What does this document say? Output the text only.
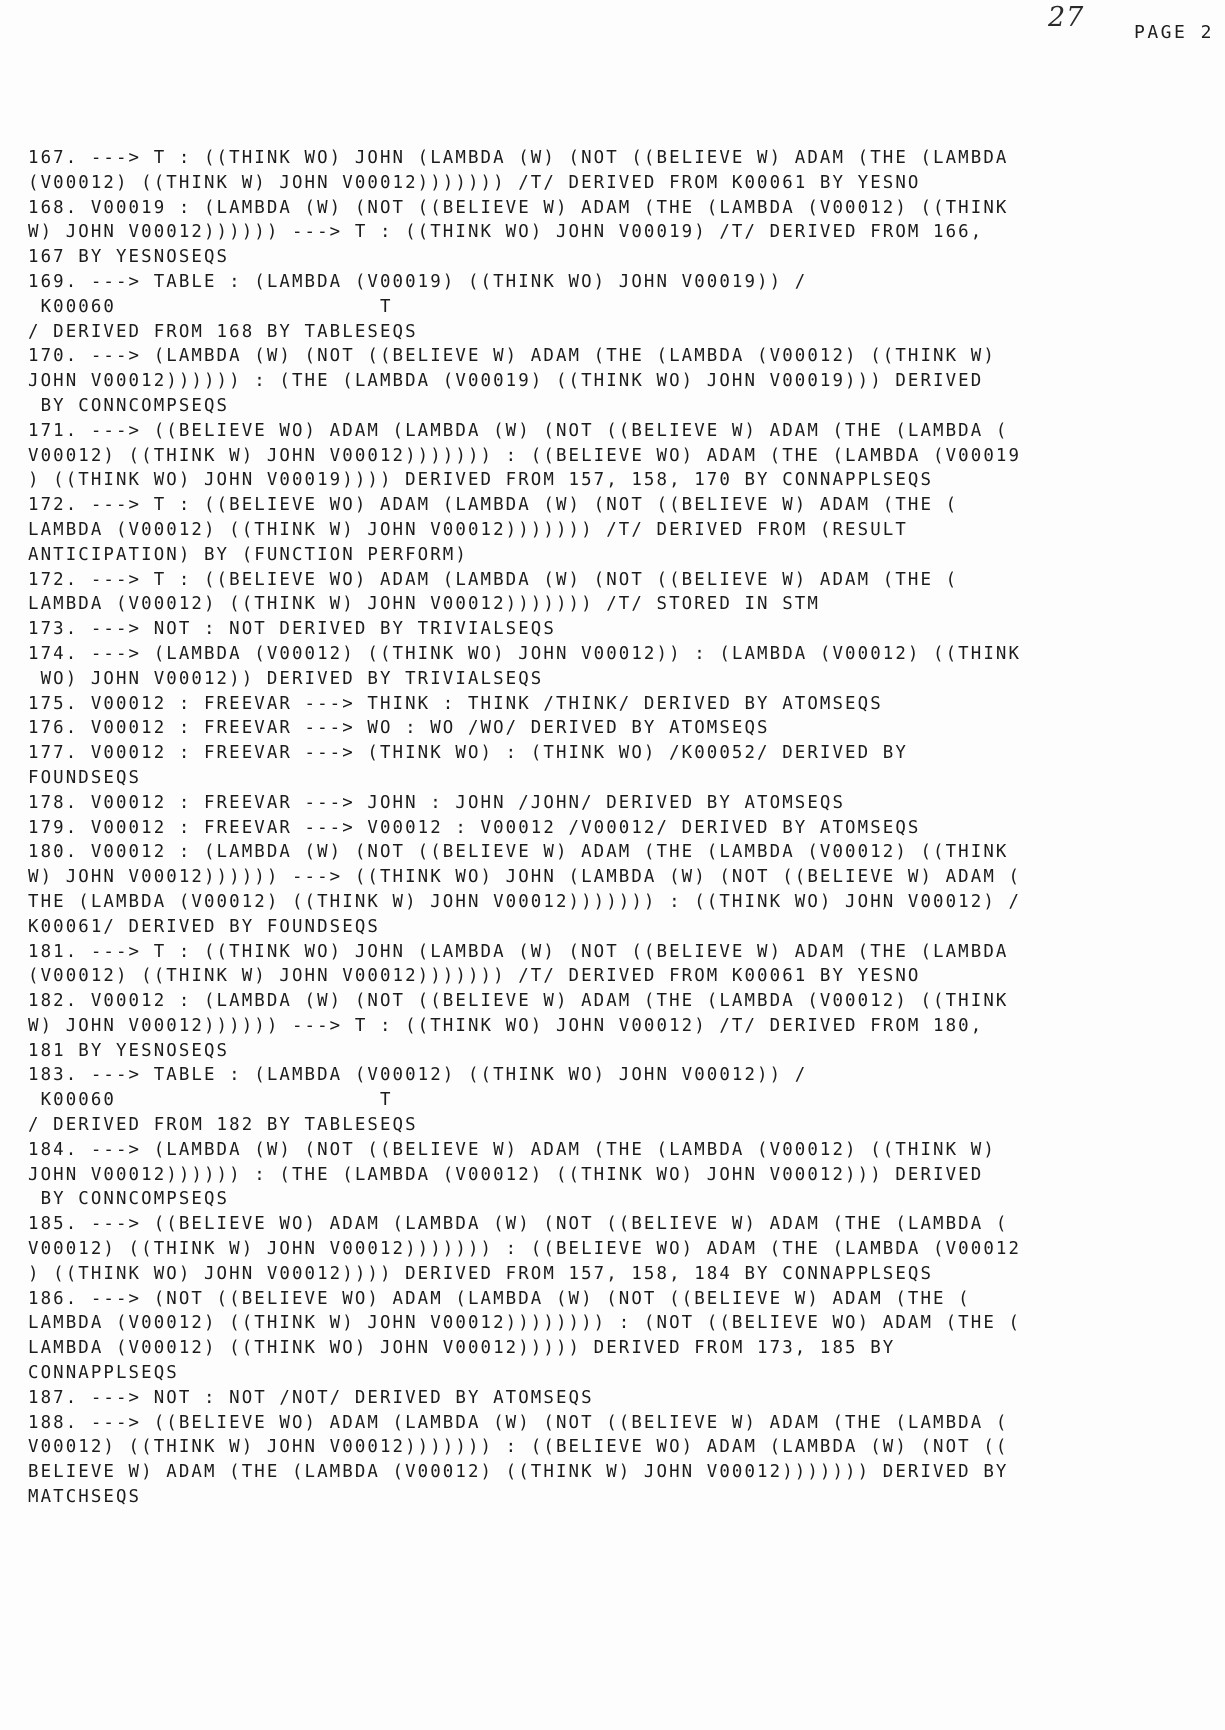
27	PAGE 2
167. ---> T : ((THINK WO) JOHN (LAMBDA (W) (NOT ((BELIEVE W) ADAM (THE (LAMBDA
(V00012) ((THINK W) JOHN V00012))))))) /T/ DERIVED FROM K00061 BY YESNO
168. V00019 : (LAMBDA (W) (NOT ((BELIEVE W) ADAM (THE (LAMBDA (V00012) ((THINK
W) JOHN V00012)))))) ---> T : ((THINK WO) JOHN V00019) /T/ DERIVED FROM 166,
167 BY YESNOSEQS
169. ---> TABLE : (LAMBDA (V00019) ((THINK WO) JOHN V00019)) /
K00060                     T
/ DERIVED FROM 168 BY TABLESEQS
170. ---> (LAMBDA (W) (NOT ((BELIEVE W) ADAM (THE (LAMBDA (V00012) ((THINK W)
JOHN V00012)))))) : (THE (LAMBDA (V00019) ((THINK WO) JOHN V00019))) DERIVED
BY CONNCOMPSEQS
171. ---> ((BELIEVE WO) ADAM (LAMBDA (W) (NOT ((BELIEVE W) ADAM (THE (LAMBDA (
V00012) ((THINK W) JOHN V00012))))))) : ((BELIEVE WO) ADAM (THE (LAMBDA (V00019
) ((THINK WO) JOHN V00019)))) DERIVED FROM 157, 158, 170 BY CONNAPPLSEQS
172. ---> T : ((BELIEVE WO) ADAM (LAMBDA (W) (NOT ((BELIEVE W) ADAM (THE (
LAMBDA (V00012) ((THINK W) JOHN V00012))))))) /T/ DERIVED FROM (RESULT
ANTICIPATION) BY (FUNCTION PERFORM)
172. ---> T : ((BELIEVE WO) ADAM (LAMBDA (W) (NOT ((BELIEVE W) ADAM (THE (
LAMBDA (V00012) ((THINK W) JOHN V00012))))))) /T/ STORED IN STM
173. ---> NOT : NOT DERIVED BY TRIVIALSEQS
174. ---> (LAMBDA (V00012) ((THINK WO) JOHN V00012)) : (LAMBDA (V00012) ((THINK
WO) JOHN V00012)) DERIVED BY TRIVIALSEQS
175. V00012 : FREEVAR ---> THINK : THINK /THINK/ DERIVED BY ATOMSEQS
176. V00012 : FREEVAR ---> WO : WO /WO/ DERIVED BY ATOMSEQS
177. V00012 : FREEVAR ---> (THINK WO) : (THINK WO) /K00052/ DERIVED BY
FOUNDSEQS
178. V00012 : FREEVAR ---> JOHN : JOHN /JOHN/ DERIVED BY ATOMSEQS
179. V00012 : FREEVAR ---> V00012 : V00012 /V00012/ DERIVED BY ATOMSEQS
180. V00012 : (LAMBDA (W) (NOT ((BELIEVE W) ADAM (THE (LAMBDA (V00012) ((THINK
W) JOHN V00012)))))) ---> ((THINK WO) JOHN (LAMBDA (W) (NOT ((BELIEVE W) ADAM (
THE (LAMBDA (V00012) ((THINK W) JOHN V00012))))))) : ((THINK WO) JOHN V00012) /
K00061/ DERIVED BY FOUNDSEQS
181. ---> T : ((THINK WO) JOHN (LAMBDA (W) (NOT ((BELIEVE W) ADAM (THE (LAMBDA
(V00012) ((THINK W) JOHN V00012))))))) /T/ DERIVED FROM K00061 BY YESNO
182. V00012 : (LAMBDA (W) (NOT ((BELIEVE W) ADAM (THE (LAMBDA (V00012) ((THINK
W) JOHN V00012)))))) ---> T : ((THINK WO) JOHN V00012) /T/ DERIVED FROM 180,
181 BY YESNOSEQS
183. ---> TABLE : (LAMBDA (V00012) ((THINK WO) JOHN V00012)) /
K00060                     T
/ DERIVED FROM 182 BY TABLESEQS
184. ---> (LAMBDA (W) (NOT ((BELIEVE W) ADAM (THE (LAMBDA (V00012) ((THINK W)
JOHN V00012)))))) : (THE (LAMBDA (V00012) ((THINK WO) JOHN V00012))) DERIVED
BY CONNCOMPSEQS
185. ---> ((BELIEVE WO) ADAM (LAMBDA (W) (NOT ((BELIEVE W) ADAM (THE (LAMBDA (
V00012) ((THINK W) JOHN V00012))))))) : ((BELIEVE WO) ADAM (THE (LAMBDA (V00012
) ((THINK WO) JOHN V00012)))) DERIVED FROM 157, 158, 184 BY CONNAPPLSEQS
186. ---> (NOT ((BELIEVE WO) ADAM (LAMBDA (W) (NOT ((BELIEVE W) ADAM (THE (
LAMBDA (V00012) ((THINK W) JOHN V00012)))))))) : (NOT ((BELIEVE WO) ADAM (THE (
LAMBDA (V00012) ((THINK WO) JOHN V00012))))) DERIVED FROM 173, 185 BY
CONNAPPLSEQS
187. ---> NOT : NOT /NOT/ DERIVED BY ATOMSEQS
188. ---> ((BELIEVE WO) ADAM (LAMBDA (W) (NOT ((BELIEVE W) ADAM (THE (LAMBDA (
V00012) ((THINK W) JOHN V00012))))))) : ((BELIEVE WO) ADAM (LAMBDA (W) (NOT ((
BELIEVE W) ADAM (THE (LAMBDA (V00012) ((THINK W) JOHN V00012))))))) DERIVED BY
MATCHSEQS
